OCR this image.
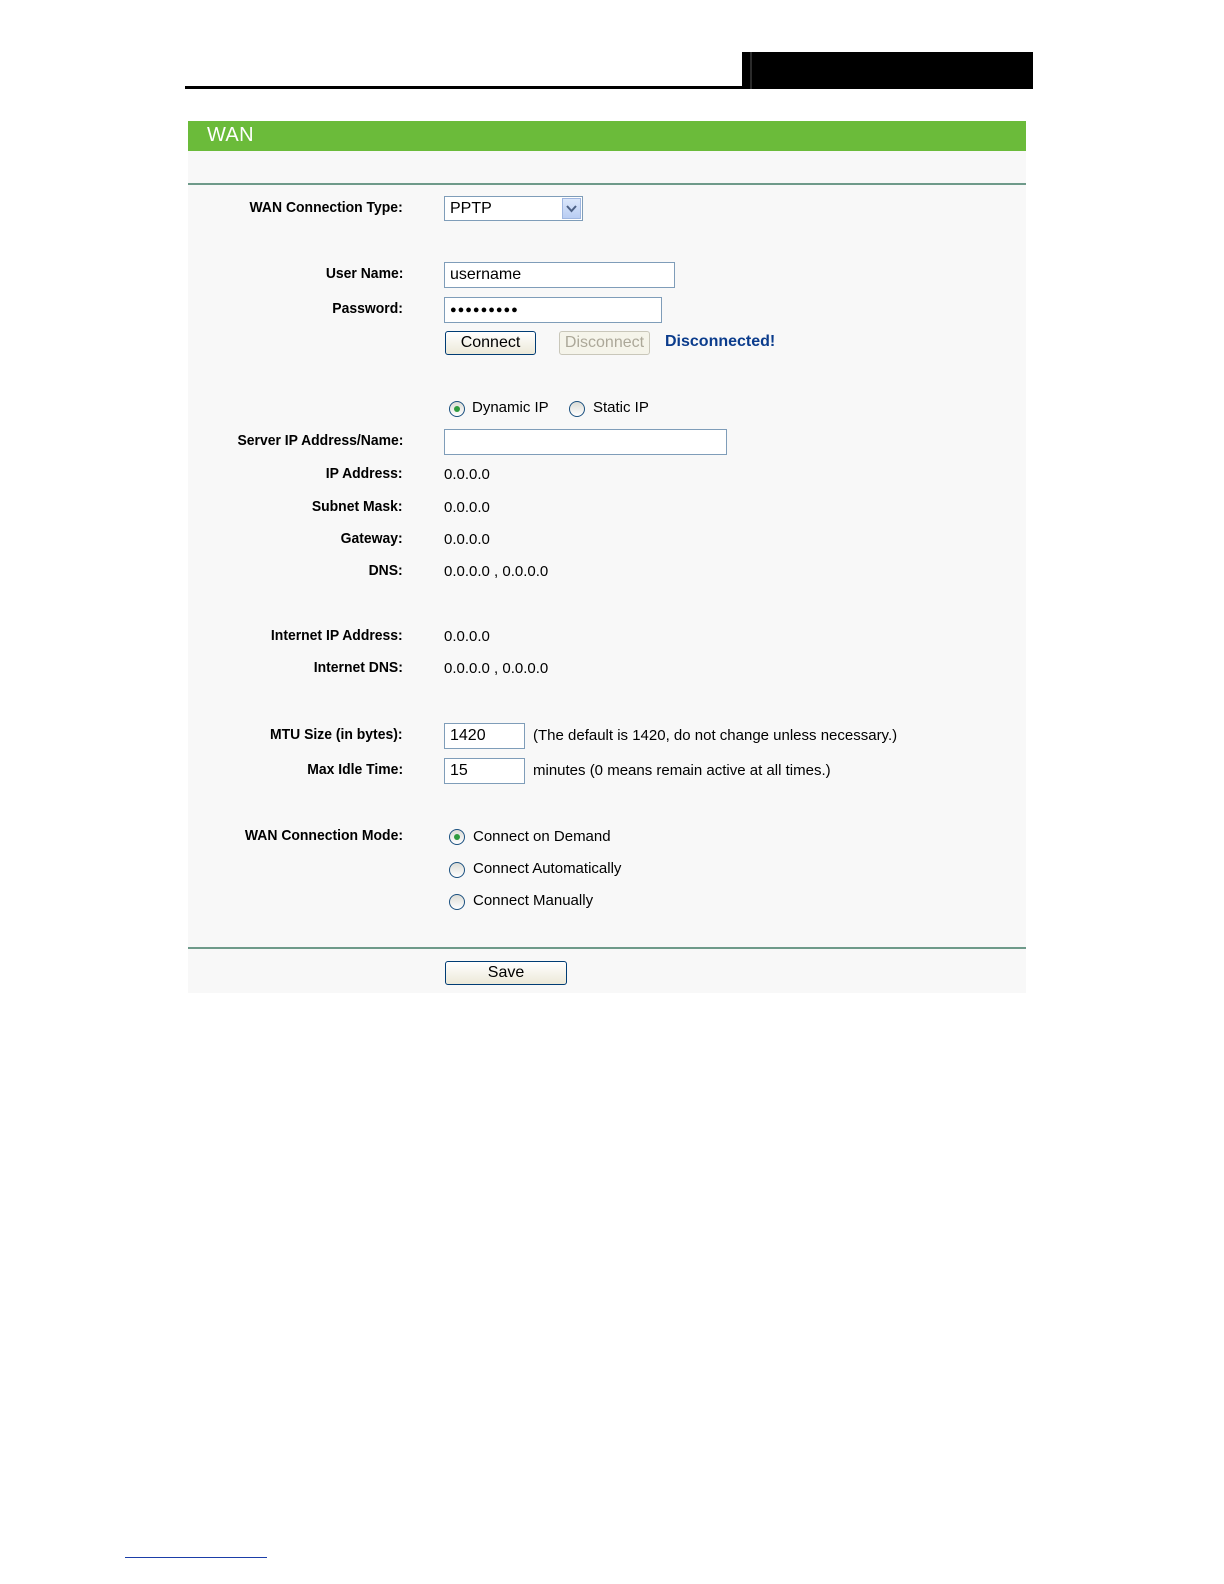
WAN
WAN Connection Type:	PPTP
User Name:	username
Password:	●●●●●●●●●
Connect	Disconnect	Disconnected!
Dynamic IP	Static IP
Server IP Address/Name:
IP Address:	0.0.0.0
Subnet Mask:	0.0.0.0
Gateway:	0.0.0.0
DNS:	0.0.0.0 , 0.0.0.0
Internet IP Address:	0.0.0.0
Internet DNS:	0.0.0.0 , 0.0.0.0
MTU Size (in bytes):	1420	(The default is 1420, do not change unless necessary.)
Max Idle Time:	15	minutes (0 means remain active at all times.)
WAN Connection Mode:	Connect on Demand
Connect Automatically
Connect Manually
Save
